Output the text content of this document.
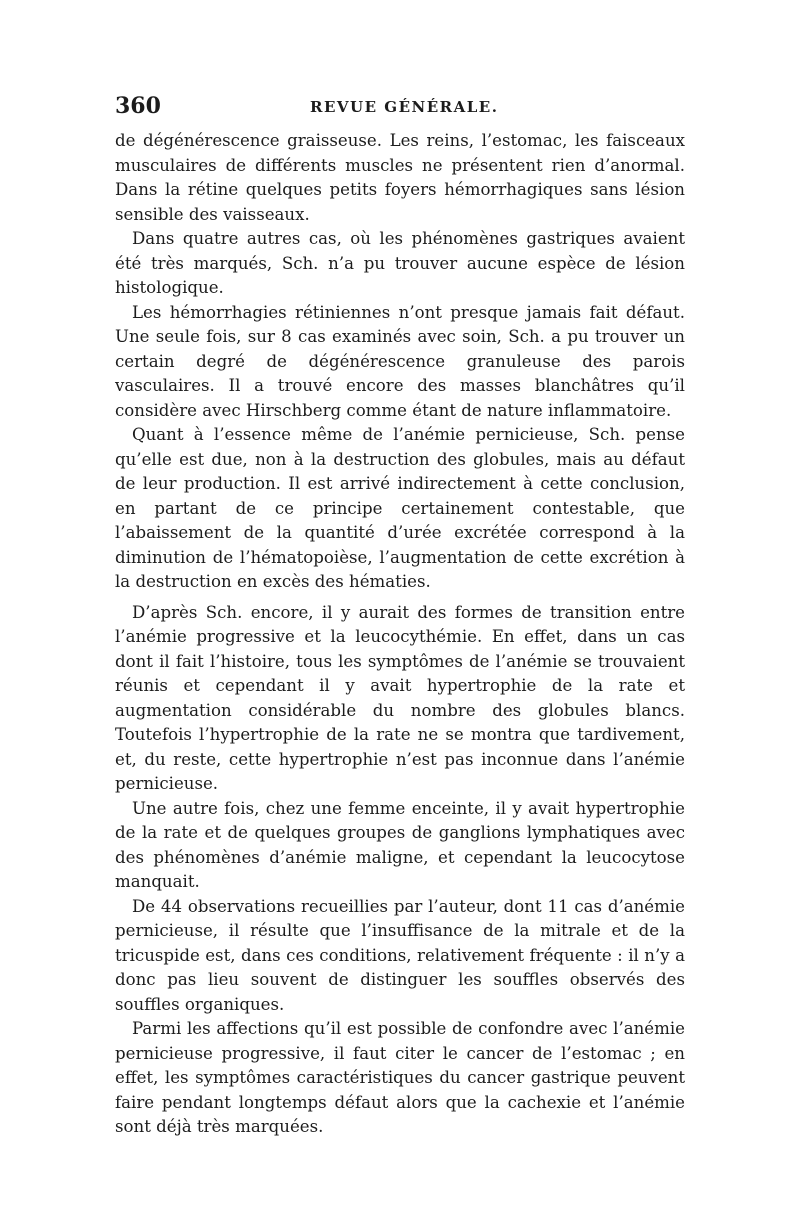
360	REVUE GÉNÉRALE.

de dégénérescence graisseuse. Les reins, l’estomac, les faisceaux musculaires de différents muscles ne présentent rien d’anormal. Dans la rétine quelques petits foyers hémorrhagiques sans lésion sensible des vaisseaux.

Dans quatre autres cas, où les phénomènes gastriques avaient été très marqués, Sch. n’a pu trouver aucune espèce de lésion histologique.

Les hémorrhagies rétiniennes n’ont presque jamais fait défaut. Une seule fois, sur 8 cas examinés avec soin, Sch. a pu trouver un certain degré de dégénérescence granuleuse des parois vasculaires. Il a trouvé encore des masses blanchâtres qu’il considère avec Hirschberg comme étant de nature inflammatoire.

Quant à l’essence même de l’anémie pernicieuse, Sch. pense qu’elle est due, non à la destruction des globules, mais au défaut de leur production. Il est arrivé indirectement à cette conclusion, en partant de ce principe certainement contestable, que l’abaissement de la quantité d’urée excrétée correspond à la diminution de l’hématopoièse, l’augmentation de cette excrétion à la destruction en excès des hématies.

D’après Sch. encore, il y aurait des formes de transition entre l’anémie progressive et la leucocythémie. En effet, dans un cas dont il fait l’histoire, tous les symptômes de l’anémie se trouvaient réunis et cependant il y avait hypertrophie de la rate et augmentation considérable du nombre des globules blancs. Toutefois l’hypertrophie de la rate ne se montra que tardivement, et, du reste, cette hypertrophie n’est pas inconnue dans l’anémie pernicieuse.

Une autre fois, chez une femme enceinte, il y avait hypertrophie de la rate et de quelques groupes de ganglions lymphatiques avec des phénomènes d’anémie maligne, et cependant la leucocytose manquait.

De 44 observations recueillies par l’auteur, dont 11 cas d’anémie pernicieuse, il résulte que l’insuffisance de la mitrale et de la tricuspide est, dans ces conditions, relativement fréquente : il n’y a donc pas lieu souvent de distinguer les souffles observés des souffles organiques.

Parmi les affections qu’il est possible de confondre avec l’anémie pernicieuse progressive, il faut citer le cancer de l’estomac ; en effet, les symptômes caractéristiques du cancer gastrique peuvent faire pendant longtemps défaut alors que la cachexie et l’anémie sont déjà très marquées.
